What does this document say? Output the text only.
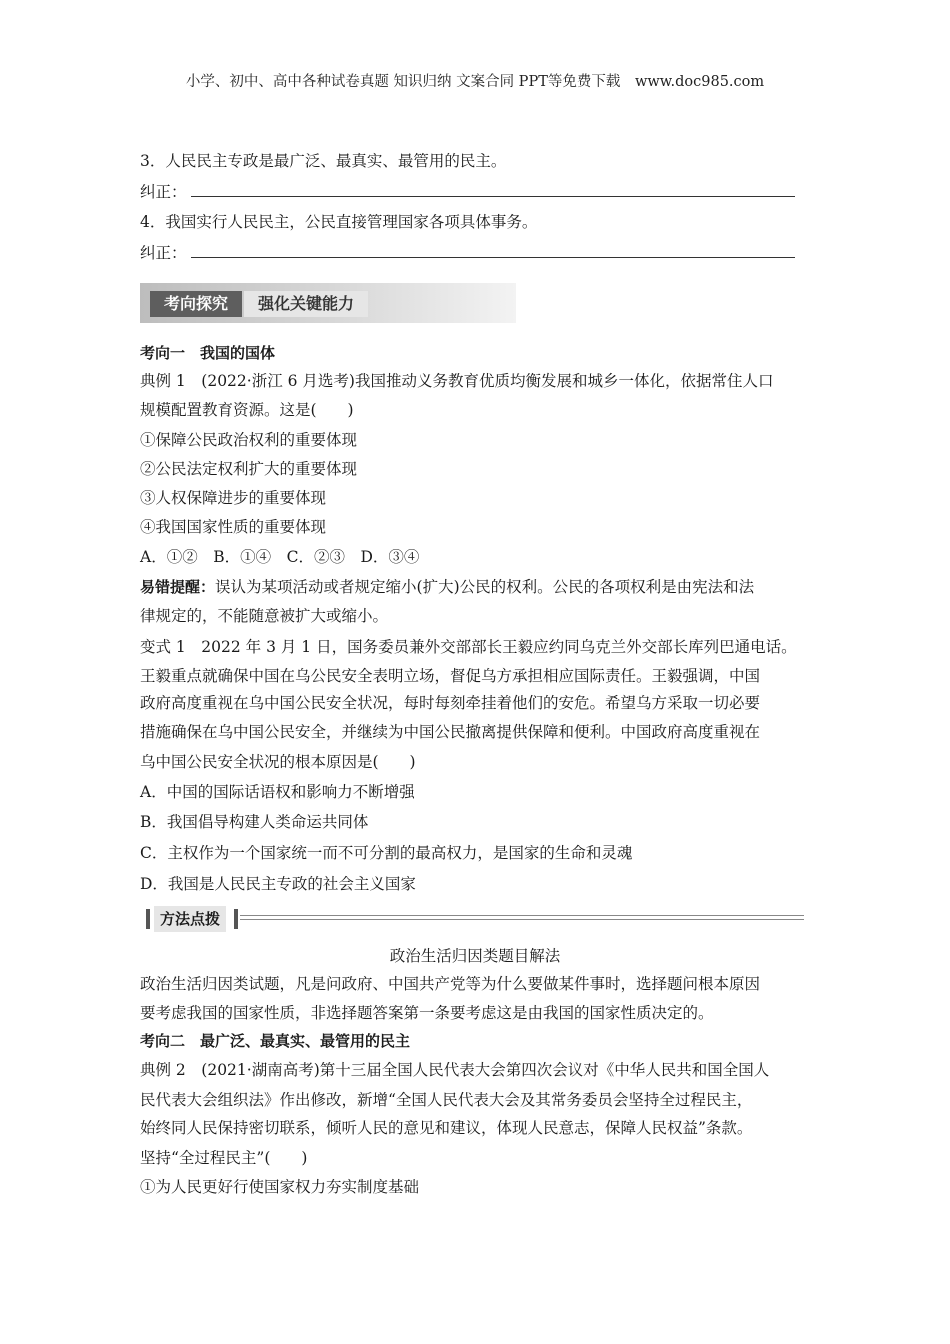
小学、初中、高中各种试卷真题 知识归纳 文案合同 PPT等免费下载 www.doc985.com
3．人民民主专政是最广泛、最真实、最管用的民主。
纠正：
4．我国实行人民民主，公民直接管理国家各项具体事务。
纠正：
考向探究	强化关键能力
考向一　我国的国体
典例 1　(2022·浙江 6 月选考)我国推动义务教育优质均衡发展和城乡一体化，依据常住人口
规模配置教育资源。这是(　　)
①保障公民政治权利的重要体现
②公民法定权利扩大的重要体现
③人权保障进步的重要体现
④我国国家性质的重要体现
A．①②　B．①④　C．②③　D．③④
易错提醒：误认为某项活动或者规定缩小(扩大)公民的权利。公民的各项权利是由宪法和法
律规定的，不能随意被扩大或缩小。
变式 1　2022 年 3 月 1 日，国务委员兼外交部部长王毅应约同乌克兰外交部长库列巴通电话。
王毅重点就确保中国在乌公民安全表明立场，督促乌方承担相应国际责任。王毅强调，中国
政府高度重视在乌中国公民安全状况，每时每刻牵挂着他们的安危。希望乌方采取一切必要
措施确保在乌中国公民安全，并继续为中国公民撤离提供保障和便利。中国政府高度重视在
乌中国公民安全状况的根本原因是(　　)
A．中国的国际话语权和影响力不断增强
B．我国倡导构建人类命运共同体
C．主权作为一个国家统一而不可分割的最高权力，是国家的生命和灵魂
D．我国是人民民主专政的社会主义国家
方法点拨
政治生活归因类题目解法
政治生活归因类试题，凡是问政府、中国共产党等为什么要做某件事时，选择题问根本原因
要考虑我国的国家性质，非选择题答案第一条要考虑这是由我国的国家性质决定的。
考向二　最广泛、最真实、最管用的民主
典例 2　(2021·湖南高考)第十三届全国人民代表大会第四次会议对《中华人民共和国全国人
民代表大会组织法》作出修改，新增“全国人民代表大会及其常务委员会坚持全过程民主，
始终同人民保持密切联系，倾听人民的意见和建议，体现人民意志，保障人民权益”条款。
坚持“全过程民主”(　　)
①为人民更好行使国家权力夯实制度基础
